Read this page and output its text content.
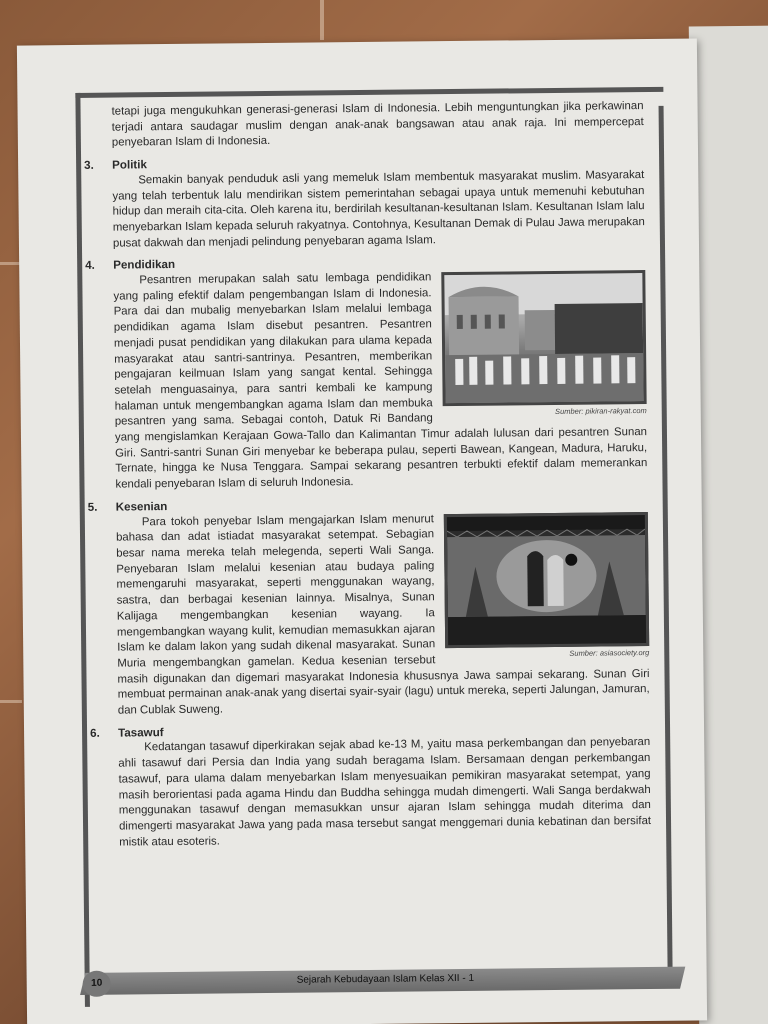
tetapi juga mengukuhkan generasi-generasi Islam di Indonesia. Lebih menguntungkan jika perkawinan terjadi antara saudagar muslim dengan anak-anak bangsawan atau anak raja. Ini mempercepat penyebaran Islam di Indonesia.

3.	Politik

Semakin banyak penduduk asli yang memeluk Islam membentuk masyarakat muslim. Masyarakat yang telah terbentuk lalu mendirikan sistem pemerintahan sebagai upaya untuk memenuhi kebutuhan hidup dan meraih cita-cita. Oleh karena itu, berdirilah kesultanan-kesultanan Islam. Kesultanan Islam lalu menyebarkan Islam kepada seluruh rakyatnya. Contohnya, Kesultanan Demak di Pulau Jawa merupakan pusat dakwah dan menjadi pelindung penyebaran agama Islam.

4.	Pendidikan
Sumber: pikiran-rakyat.com

Pesantren merupakan salah satu lembaga pendidikan yang paling efektif dalam pengembangan Islam di Indonesia. Para dai dan mubalig menyebarkan Islam melalui lembaga pendidikan agama Islam disebut pesantren. Pesantren menjadi pusat pendidikan yang dilakukan para ulama kepada masyarakat atau santri-santrinya. Pesantren, memberikan pengajaran keilmuan Islam yang sangat kental. Sehingga setelah menguasainya, para santri kembali ke kampung halaman untuk mengembangkan agama Islam dan membuka pesantren yang sama. Sebagai contoh, Datuk Ri Bandang yang mengislamkan Kerajaan Gowa-Tallo dan Kalimantan Timur adalah lulusan dari pesantren Sunan Giri. Santri-santri Sunan Giri menyebar ke beberapa pulau, seperti Bawean, Kangean, Madura, Haruku, Ternate, hingga ke Nusa Tenggara. Sampai sekarang pesantren terbukti efektif dalam memerankan kendali penyebaran Islam di seluruh Indonesia.

5.	Kesenian
Sumber: asiasociety.org

Para tokoh penyebar Islam mengajarkan Islam menurut bahasa dan adat istiadat masyarakat setempat. Sebagian besar nama mereka telah melegenda, seperti Wali Sanga. Penyebaran Islam melalui kesenian atau budaya paling memengaruhi masyarakat, seperti menggunakan wayang, sastra, dan berbagai kesenian lainnya. Misalnya, Sunan Kalijaga mengembangkan kesenian wayang. Ia mengembangkan wayang kulit, kemudian memasukkan ajaran Islam ke dalam lakon yang sudah dikenal masyarakat. Sunan Muria mengembangkan gamelan. Kedua kesenian tersebut masih digunakan dan digemari masyarakat Indonesia khususnya Jawa sampai sekarang. Sunan Giri membuat permainan anak-anak yang disertai syair-syair (lagu) untuk mereka, seperti Jalungan, Jamuran, dan Cublak Suweng.

6.	Tasawuf

Kedatangan tasawuf diperkirakan sejak abad ke-13 M, yaitu masa perkembangan dan penyebaran ahli tasawuf dari Persia dan India yang sudah beragama Islam. Bersamaan dengan perkembangan tasawuf, para ulama dalam menyebarkan Islam menyesuaikan pemikiran masyarakat setempat, yang masih berorientasi pada agama Hindu dan Buddha sehingga mudah dimengerti. Wali Sanga berdakwah menggunakan tasawuf dengan memasukkan unsur ajaran Islam sehingga mudah diterima dan dimengerti masyarakat Jawa yang pada masa tersebut sangat menggemari dunia kebatinan dan bersifat mistik atau esoteris.

10	Sejarah Kebudayaan Islam Kelas XII - 1
